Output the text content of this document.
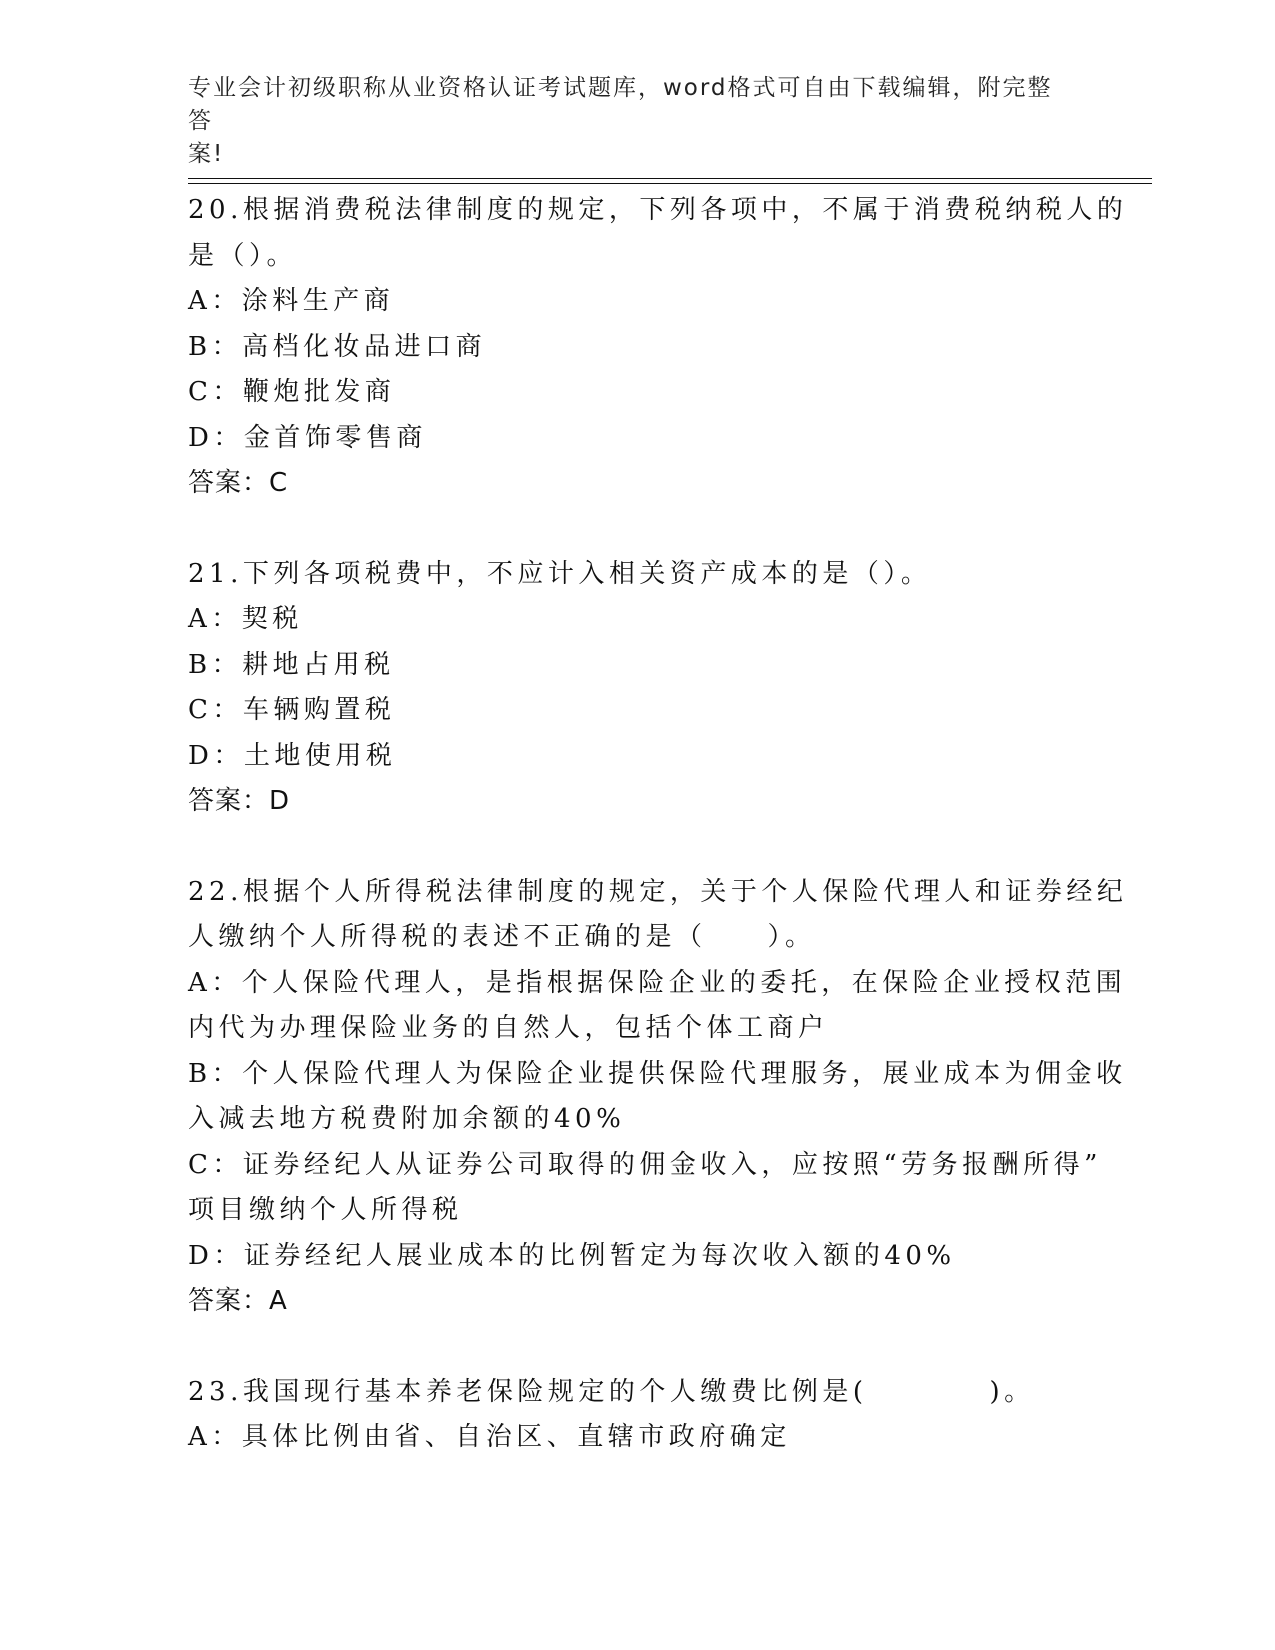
专业会计初级职称从业资格认证考试题库，word格式可自由下载编辑，附完整答
案!
20.根据消费税法律制度的规定，下列各项中，不属于消费税纳税人的
是（）。
A：涂料生产商
B：高档化妆品进口商
C：鞭炮批发商
D：金首饰零售商
答案：C
21.下列各项税费中，不应计入相关资产成本的是（）。
A：契税
B：耕地占用税
C：车辆购置税
D：土地使用税
答案：D
22.根据个人所得税法律制度的规定，关于个人保险代理人和证券经纪
人缴纳个人所得税的表述不正确的是（　　）。
A：个人保险代理人，是指根据保险企业的委托，在保险企业授权范围
内代为办理保险业务的自然人，包括个体工商户
B：个人保险代理人为保险企业提供保险代理服务，展业成本为佣金收
入减去地方税费附加余额的40%
C：证券经纪人从证券公司取得的佣金收入，应按照“劳务报酬所得”
项目缴纳个人所得税
D：证券经纪人展业成本的比例暂定为每次收入额的40%
答案：A
23.我国现行基本养老保险规定的个人缴费比例是(　　　　)。
A：具体比例由省、自治区、直辖市政府确定
